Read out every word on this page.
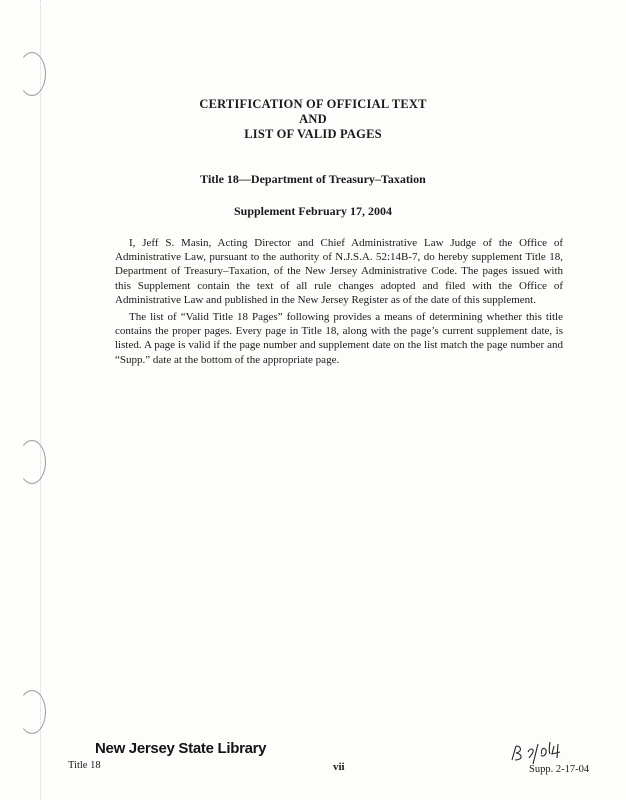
CERTIFICATION OF OFFICIAL TEXT
AND
LIST OF VALID PAGES
Title 18—Department of Treasury–Taxation
Supplement February 17, 2004

I, Jeff S. Masin, Acting Director and Chief Administrative Law Judge of the Office of Administrative Law, pursuant to the authority of N.J.S.A. 52:14B-7, do hereby supplement Title 18, Department of Treasury–Taxation, of the New Jersey Administrative Code. The pages issued with this Supplement contain the text of all rule changes adopted and filed with the Office of Administrative Law and published in the New Jersey Register as of the date of this supplement.

The list of “Valid Title 18 Pages” following provides a means of determining whether this title contains the proper pages. Every page in Title 18, along with the page’s current supplement date, is listed. A page is valid if the page number and supplement date on the list match the page number and “Supp.” date at the bottom of the appropriate page.

New Jersey State Library
Title 18	vii	Supp. 2-17-04
